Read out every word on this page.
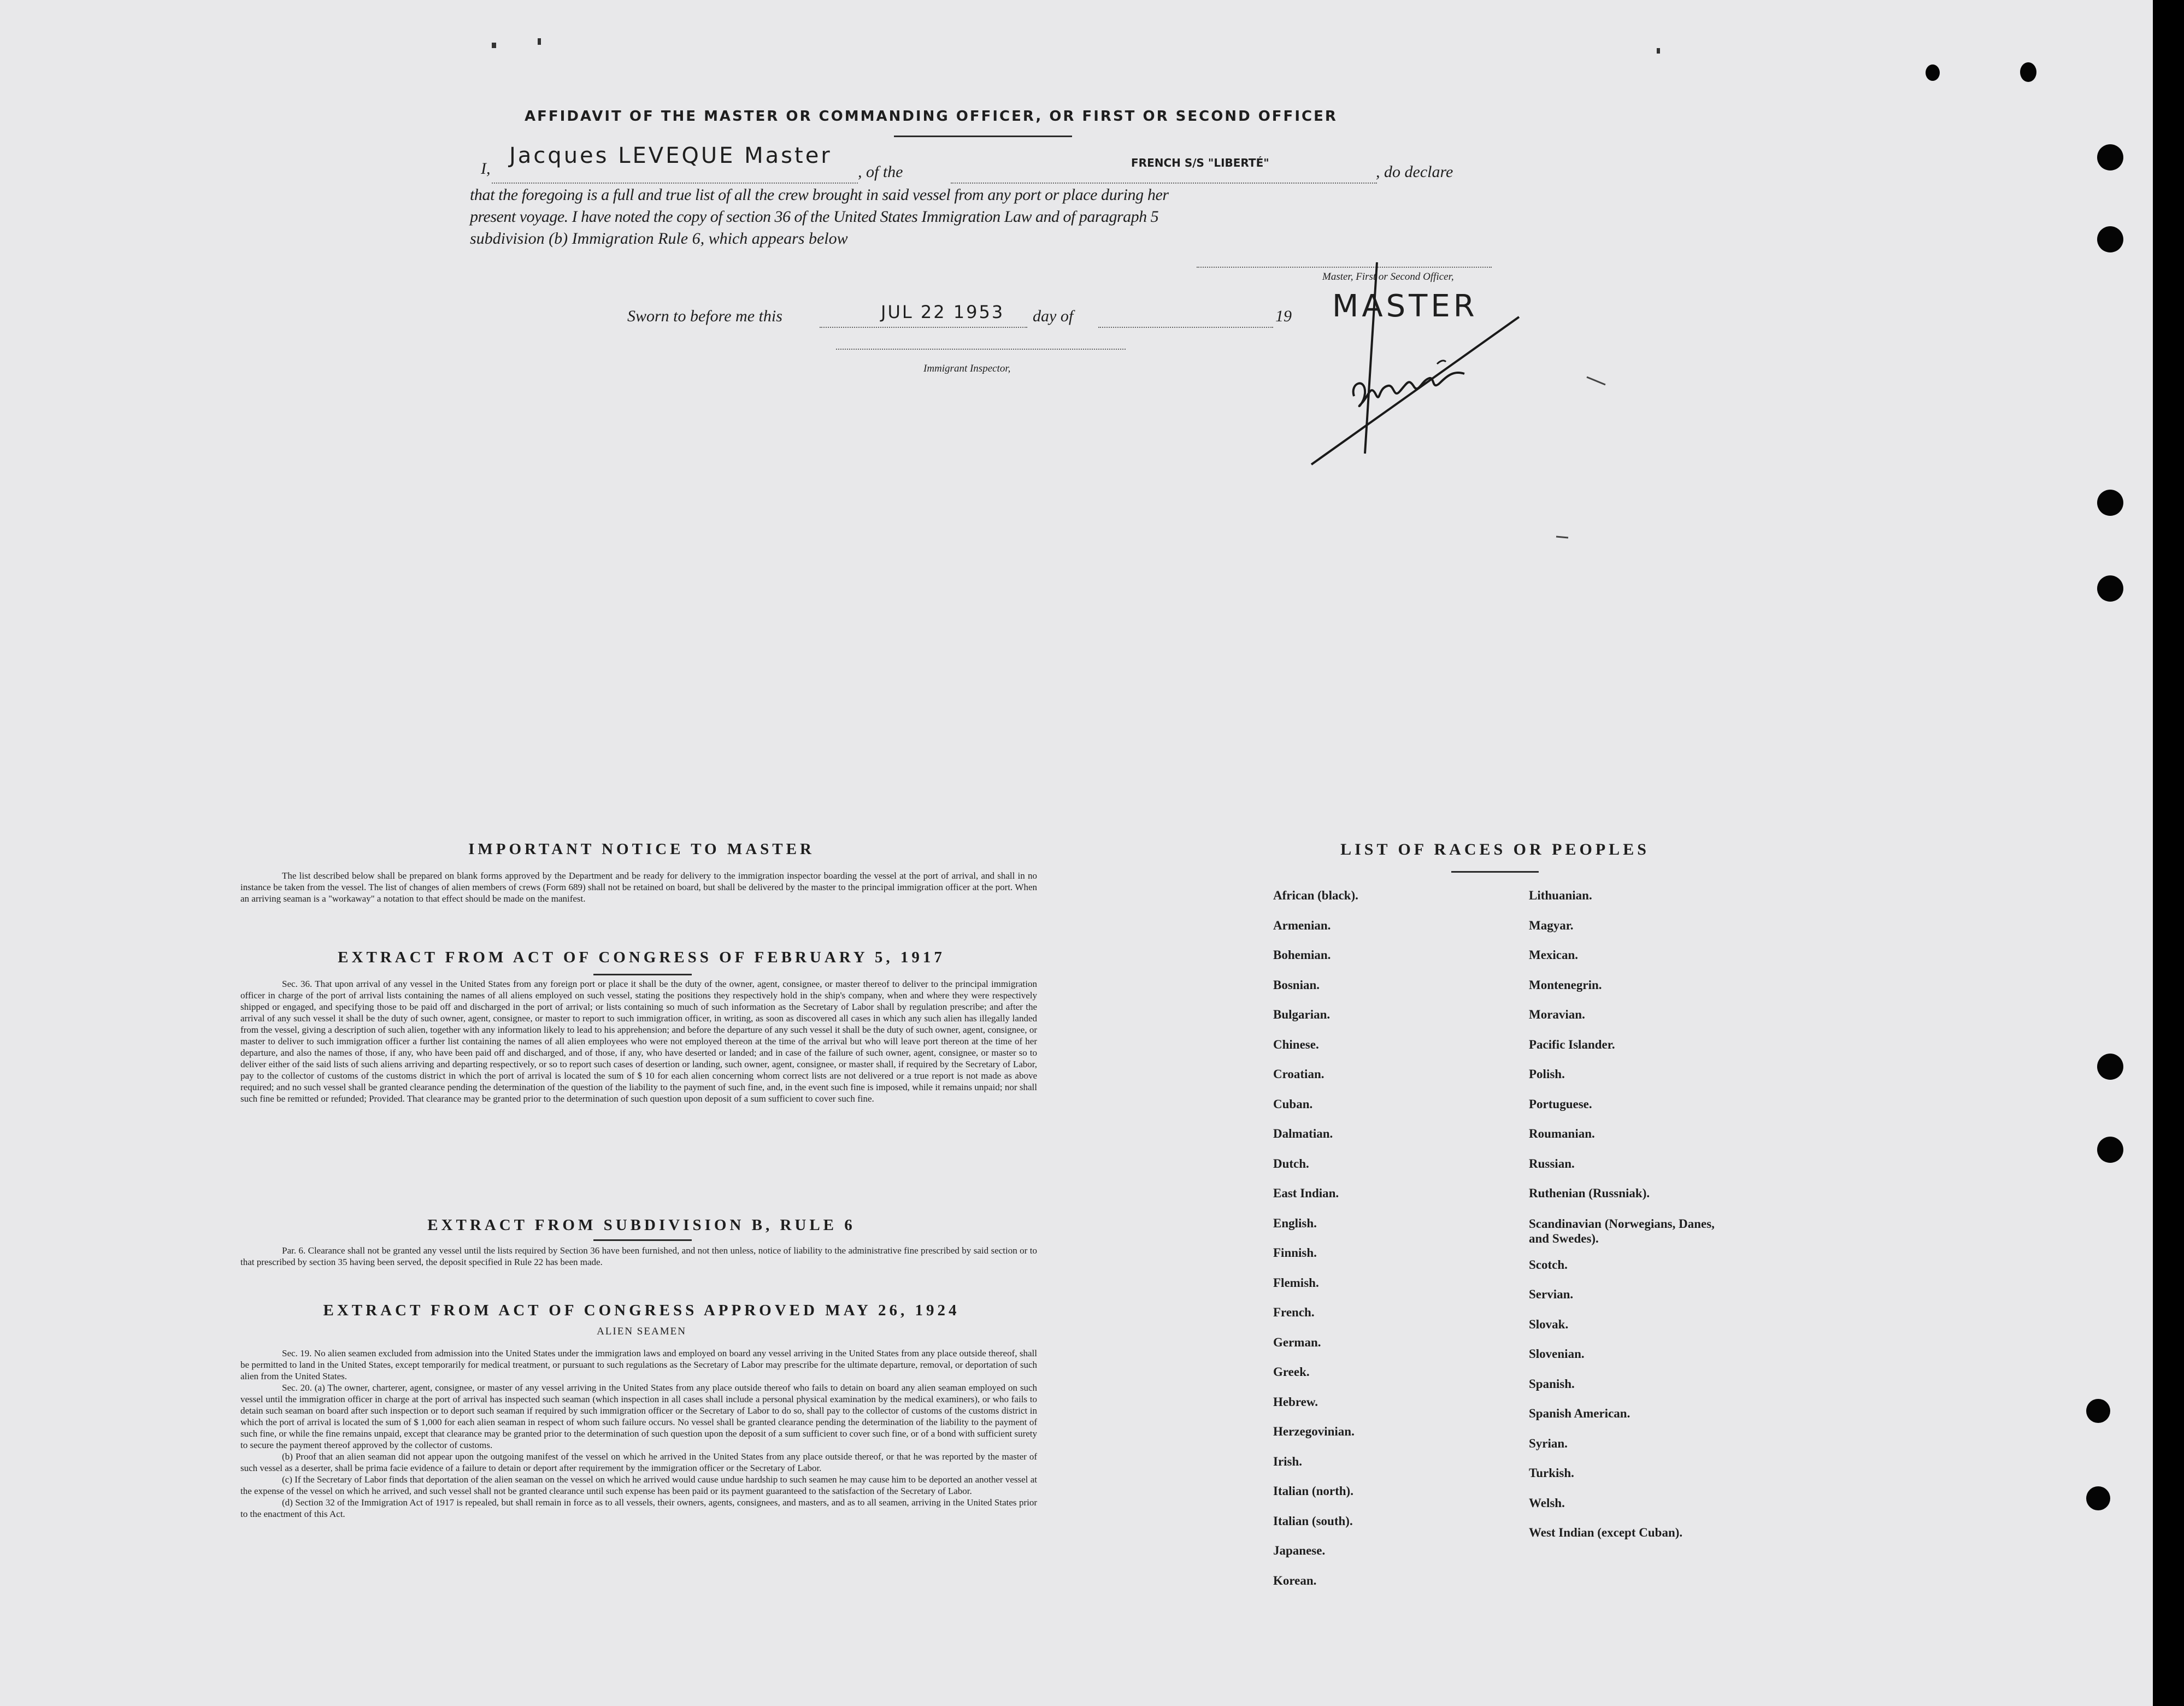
AFFIDAVIT OF THE MASTER OR COMMANDING OFFICER, OR FIRST OR SECOND OFFICER
I,
Jacques LEVEQUE Master
, of the	FRENCH S/S "LIBERTÉ"	, do declare
that the foregoing is a full and true list of all the crew brought in said vessel from any port or place during her
present voyage. I have noted the copy of section 36 of the United States Immigration Law and of paragraph 5
subdivision (b) Immigration Rule 6, which appears below
Master, First or Second Officer,
Sworn to before me this	JUL 22 1953 day of	19 MASTER
Immigrant Inspector,
IMPORTANT NOTICE TO MASTER
The list described below shall be prepared on blank forms approved by the Department and be ready for delivery to the immigration inspector boarding the vessel at the port of arrival, and shall in no instance be taken from the vessel. The list of changes of alien members of crews (Form 689) shall not be retained on board, but shall be delivered by the master to the principal immigration officer at the port. When an arriving seaman is a "workaway" a notation to that effect should be made on the manifest.
EXTRACT FROM ACT OF CONGRESS OF FEBRUARY 5, 1917
Sec. 36. That upon arrival of any vessel in the United States from any foreign port or place it shall be the duty of the owner, agent, consignee, or master thereof to deliver to the principal immigration officer in charge of the port of arrival lists containing the names of all aliens employed on such vessel, stating the positions they respectively hold in the ship's company, when and where they were respectively shipped or engaged, and specifying those to be paid off and discharged in the port of arrival; or lists containing so much of such information as the Secretary of Labor shall by regulation prescribe; and after the arrival of any such vessel it shall be the duty of such owner, agent, consignee, or master to report to such immigration officer, in writing, as soon as discovered all cases in which any such alien has illegally landed from the vessel, giving a description of such alien, together with any information likely to lead to his apprehension; and before the departure of any such vessel it shall be the duty of such owner, agent, consignee, or master to deliver to such immigration officer a further list containing the names of all alien employees who were not employed thereon at the time of the arrival but who will leave port thereon at the time of her departure, and also the names of those, if any, who have been paid off and discharged, and of those, if any, who have deserted or landed; and in case of the failure of such owner, agent, consignee, or master so to deliver either of the said lists of such aliens arriving and departing respectively, or so to report such cases of desertion or landing, such owner, agent, consignee, or master shall, if required by the Secretary of Labor, pay to the collector of customs of the customs district in which the port of arrival is located the sum of $ 10 for each alien concerning whom correct lists are not delivered or a true report is not made as above required; and no such vessel shall be granted clearance pending the determination of the question of the liability to the payment of such fine, and, in the event such fine is imposed, while it remains unpaid; nor shall such fine be remitted or refunded; Provided. That clearance may be granted prior to the determination of such question upon deposit of a sum sufficient to cover such fine.
EXTRACT FROM SUBDIVISION B, RULE 6
Par. 6. Clearance shall not be granted any vessel until the lists required by Section 36 have been furnished, and not then unless, notice of liability to the administrative fine prescribed by said section or to that prescribed by section 35 having been served, the deposit specified in Rule 22 has been made.
EXTRACT FROM ACT OF CONGRESS APPROVED MAY 26, 1924
ALIEN SEAMEN
Sec. 19. No alien seamen excluded from admission into the United States under the immigration laws and employed on board any vessel arriving in the United States from any place outside thereof, shall be permitted to land in the United States, except temporarily for medical treatment, or pursuant to such regulations as the Secretary of Labor may prescribe for the ultimate departure, removal, or deportation of such alien from the United States.
Sec. 20. (a) The owner, charterer, agent, consignee, or master of any vessel arriving in the United States from any place outside thereof who fails to detain on board any alien seaman employed on such vessel until the immigration officer in charge at the port of arrival has inspected such seaman (which inspection in all cases shall include a personal physical examination by the medical examiners), or who fails to detain such seaman on board after such inspection or to deport such seaman if required by such immigration officer or the Secretary of Labor to do so, shall pay to the collector of customs of the customs district in which the port of arrival is located the sum of $ 1,000 for each alien seaman in respect of whom such failure occurs. No vessel shall be granted clearance pending the determination of the liability to the payment of such fine, or while the fine remains unpaid, except that clearance may be granted prior to the determination of such question upon the deposit of a sum sufficient to cover such fine, or of a bond with sufficient surety to secure the payment thereof approved by the collector of customs.
(b) Proof that an alien seaman did not appear upon the outgoing manifest of the vessel on which he arrived in the United States from any place outside thereof, or that he was reported by the master of such vessel as a deserter, shall be prima facie evidence of a failure to detain or deport after requirement by the immigration officer or the Secretary of Labor.
(c) If the Secretary of Labor finds that deportation of the alien seaman on the vessel on which he arrived would cause undue hardship to such seamen he may cause him to be deported an another vessel at the expense of the vessel on which he arrived, and such vessel shall not be granted clearance until such expense has been paid or its payment guaranteed to the satisfaction of the Secretary of Labor.
(d) Section 32 of the Immigration Act of 1917 is repealed, but shall remain in force as to all vessels, their owners, agents, consignees, and masters, and as to all seamen, arriving in the United States prior to the enactment of this Act.
LIST OF RACES OR PEOPLES
African (black).
Armenian.
Bohemian.
Bosnian.
Bulgarian.
Chinese.
Croatian.
Cuban.
Dalmatian.
Dutch.
East Indian.
English.
Finnish.
Flemish.
French.
German.
Greek.
Hebrew.
Herzegovinian.
Irish.
Italian (north).
Italian (south).
Japanese.
Korean.
Lithuanian.
Magyar.
Mexican.
Montenegrin.
Moravian.
Pacific Islander.
Polish.
Portuguese.
Roumanian.
Russian.
Ruthenian (Russniak).
Scandinavian (Norwegians, Danes, and Swedes).
Scotch.
Servian.
Slovak.
Slovenian.
Spanish.
Spanish American.
Syrian.
Turkish.
Welsh.
West Indian (except Cuban).
